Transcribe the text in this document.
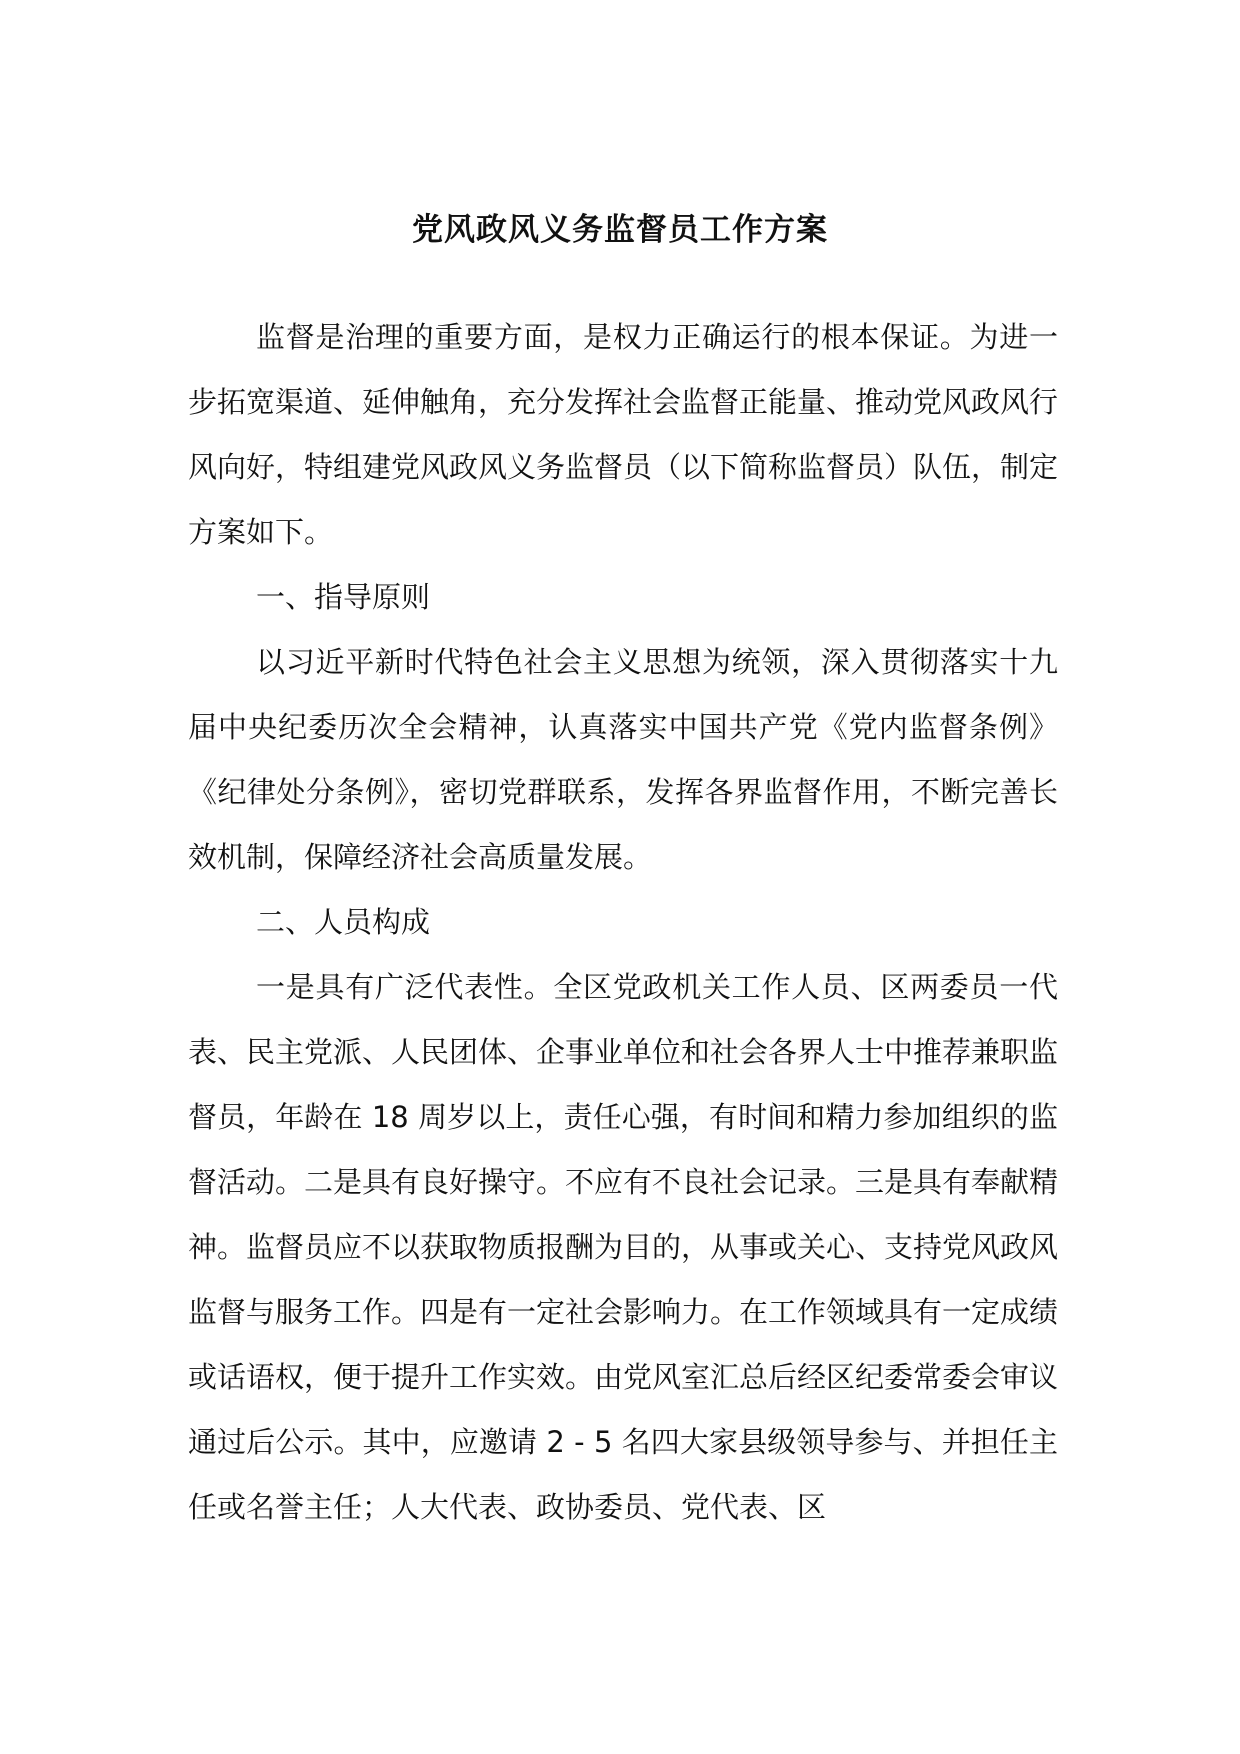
党风政风义务监督员工作方案

监督是治理的重要方面，是权力正确运行的根本保证。为进一步拓宽渠道、延伸触角，充分发挥社会监督正能量、推动党风政风行风向好，特组建党风政风义务监督员（以下简称监督员）队伍，制定方案如下。

一、指导原则

以习近平新时代特色社会主义思想为统领，深入贯彻落实十九届中央纪委历次全会精神，认真落实中国共产党《党内监督条例》《纪律处分条例》，密切党群联系，发挥各界监督作用，不断完善长效机制，保障经济社会高质量发展。

二、人员构成

一是具有广泛代表性。全区党政机关工作人员、区两委员一代表、民主党派、人民团体、企事业单位和社会各界人士中推荐兼职监督员，年龄在 18 周岁以上，责任心强，有时间和精力参加组织的监督活动。二是具有良好操守。不应有不良社会记录。三是具有奉献精神。监督员应不以获取物质报酬为目的，从事或关心、支持党风政风监督与服务工作。四是有一定社会影响力。在工作领域具有一定成绩或话语权，便于提升工作实效。由党风室汇总后经区纪委常委会审议通过后公示。其中，应邀请 2 - 5 名四大家县级领导参与、并担任主任或名誉主任；人大代表、政协委员、党代表、区
